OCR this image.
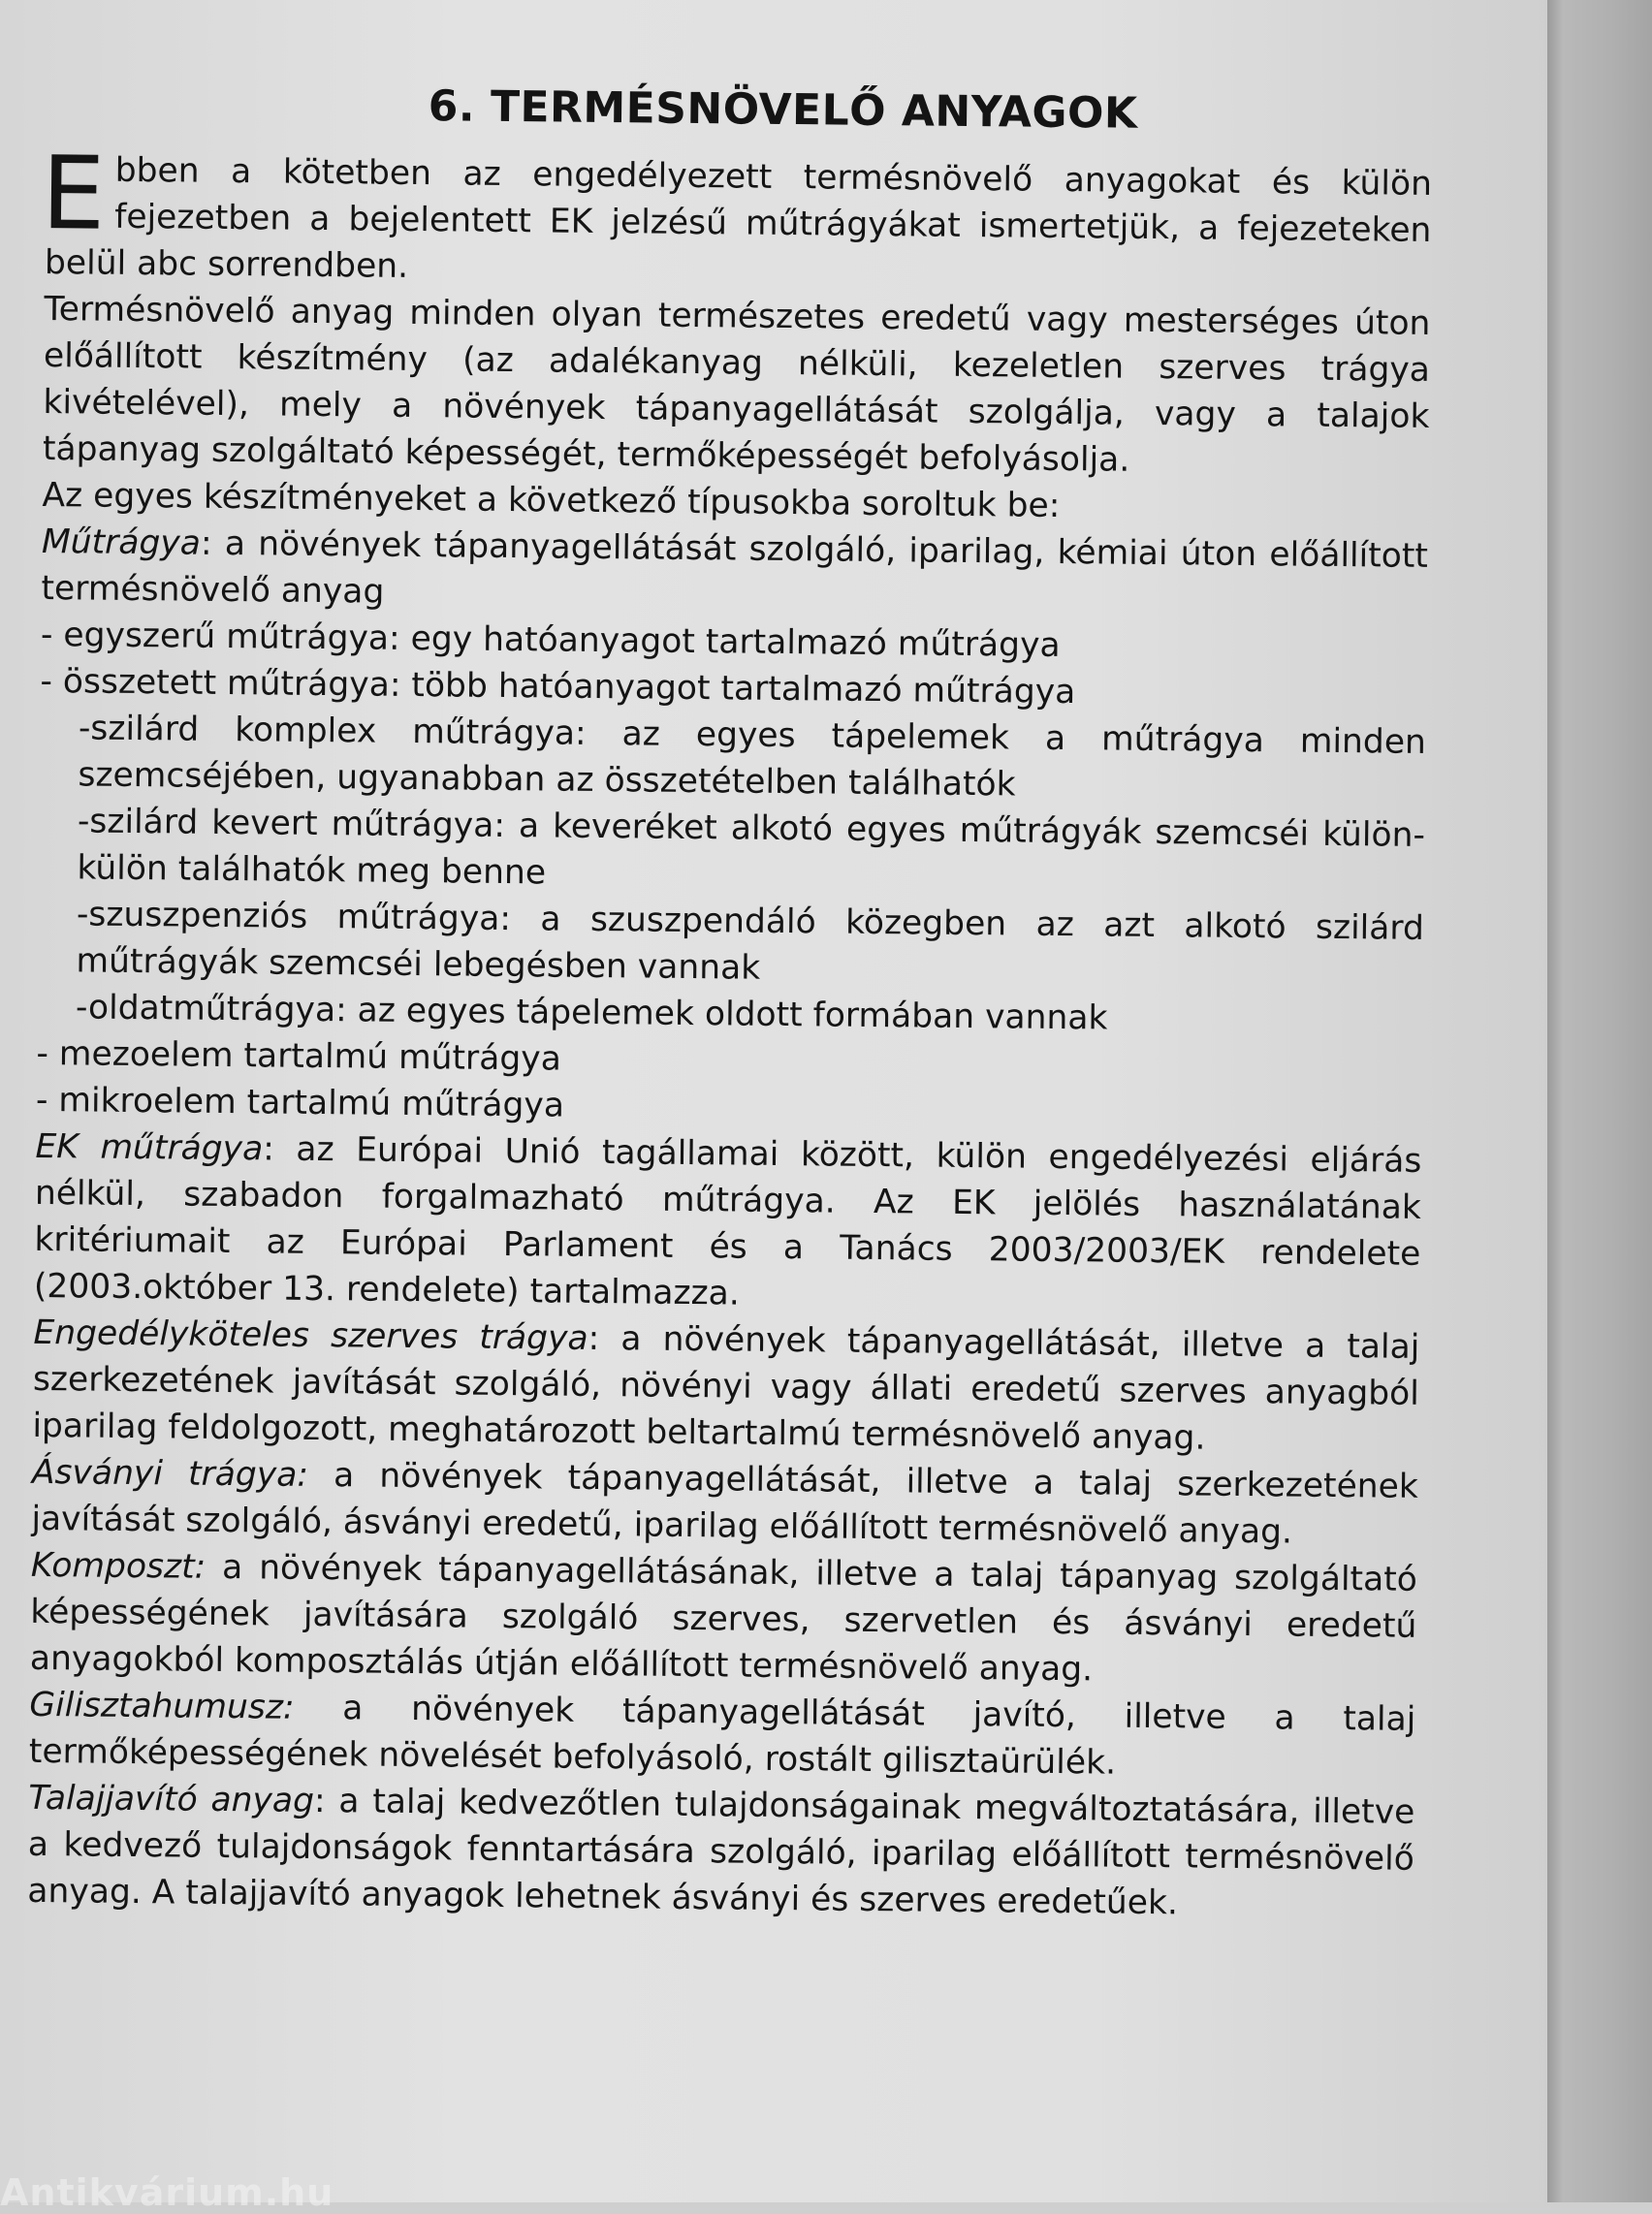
6. TERMÉSNÖVELŐ ANYAGOK

Ebben a kötetben az engedélyezett termésnövelő anyagokat és külön fejezetben a bejelentett EK jelzésű műtrágyákat ismertetjük, a fejezeteken belül abc sorrendben.

Termésnövelő anyag minden olyan természetes eredetű vagy mesterséges úton előállított készítmény (az adalékanyag nélküli, kezeletlen szerves trágya kivételével), mely a növények tápanyagellátását szolgálja, vagy a talajok tápanyag szolgáltató képességét, termőképességét befolyásolja.

Az egyes készítményeket a következő típusokba soroltuk be:

Műtrágya: a növények tápanyagellátását szolgáló, iparilag, kémiai úton előállított termésnövelő anyag

- egyszerű műtrágya: egy hatóanyagot tartalmazó műtrágya

- összetett műtrágya: több hatóanyagot tartalmazó műtrágya

-szilárd komplex műtrágya: az egyes tápelemek a műtrágya minden szemcséjében, ugyanabban az összetételben találhatók

-szilárd kevert műtrágya: a keveréket alkotó egyes műtrágyák szemcséi külön-külön találhatók meg benne

-szuszpenziós műtrágya: a szuszpendáló közegben az azt alkotó szilárd műtrágyák szemcséi lebegésben vannak

-oldatműtrágya: az egyes tápelemek oldott formában vannak

- mezoelem tartalmú műtrágya

- mikroelem tartalmú műtrágya

EK műtrágya: az Európai Unió tagállamai között, külön engedélyezési eljárás nélkül, szabadon forgalmazható műtrágya. Az EK jelölés használatának kritériumait az Európai Parlament és a Tanács 2003/2003/EK rendelete (2003.október 13. rendelete) tartalmazza.

Engedélyköteles szerves trágya: a növények tápanyagellátását, illetve a talaj szerkezetének javítását szolgáló, növényi vagy állati eredetű szerves anyagból iparilag feldolgozott, meghatározott beltartalmú termésnövelő anyag.

Ásványi trágya: a növények tápanyagellátását, illetve a talaj szerkezetének javítását szolgáló, ásványi eredetű, iparilag előállított termésnövelő anyag.

Komposzt: a növények tápanyagellátásának, illetve a talaj tápanyag szolgáltató képességének javítására szolgáló szerves, szervetlen és ásványi eredetű anyagokból komposztálás útján előállított termésnövelő anyag.

Gilisztahumusz: a növények tápanyagellátását javító, illetve a talaj termőképességének növelését befolyásoló, rostált gilisztaürülék.

Talajjavító anyag: a talaj kedvezőtlen tulajdonságainak megváltoztatására, illetve a kedvező tulajdonságok fenntartására szolgáló, iparilag előállított termésnövelő anyag. A talajjavító anyagok lehetnek ásványi és szerves eredetűek.

Antikvárium.hu
